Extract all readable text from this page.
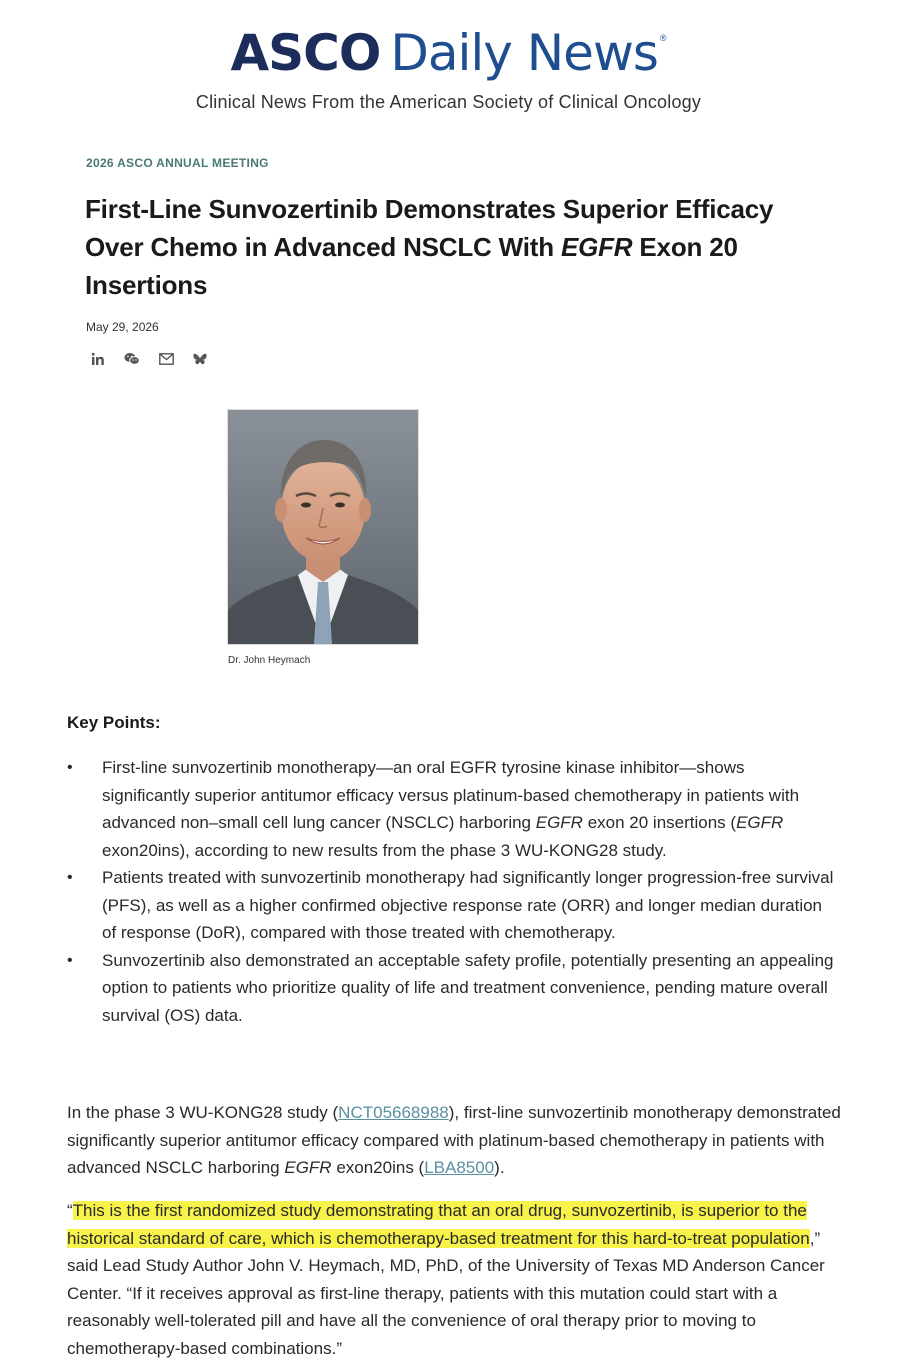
ASCO Daily News ®
Clinical News From the American Society of Clinical Oncology
2026 ASCO ANNUAL MEETING
First-Line Sunvozertinib Demonstrates Superior Efficacy Over Chemo in Advanced NSCLC With EGFR Exon 20 Insertions
May 29, 2026
Dr. John Heymach
Key Points:
• First-line sunvozertinib monotherapy—an oral EGFR tyrosine kinase inhibitor—shows significantly superior antitumor efficacy versus platinum-based chemotherapy in patients with advanced non–small cell lung cancer (NSCLC) harboring EGFR exon 20 insertions (EGFR exon20ins), according to new results from the phase 3 WU-KONG28 study.
• Patients treated with sunvozertinib monotherapy had significantly longer progression-free survival (PFS), as well as a higher confirmed objective response rate (ORR) and longer median duration of response (DoR), compared with those treated with chemotherapy.
• Sunvozertinib also demonstrated an acceptable safety profile, potentially presenting an appealing option to patients who prioritize quality of life and treatment convenience, pending mature overall survival (OS) data.

In the phase 3 WU-KONG28 study (NCT05668988), first-line sunvozertinib monotherapy demonstrated significantly superior antitumor efficacy compared with platinum-based chemotherapy in patients with advanced NSCLC harboring EGFR exon20ins (LBA8500).

“This is the first randomized study demonstrating that an oral drug, sunvozertinib, is superior to the historical standard of care, which is chemotherapy-based treatment for this hard-to-treat population,” said Lead Study Author John V. Heymach, MD, PhD, of the University of Texas MD Anderson Cancer Center. “If it receives approval as first-line therapy, patients with this mutation could start with a reasonably well-tolerated pill and have all the convenience of oral therapy prior to moving to chemotherapy-based combinations.”
